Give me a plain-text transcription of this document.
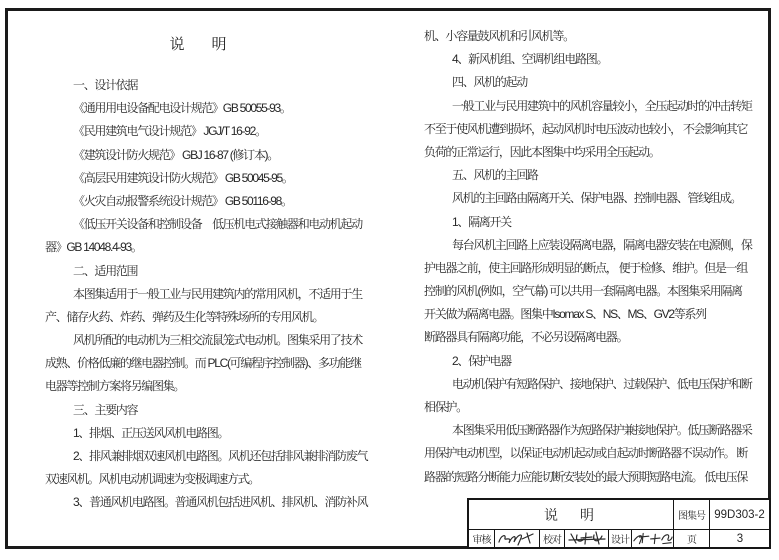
说　明
一、设计依据
《通用用电设备配电设计规范》GB 50055-93。
《民用建筑电气设计规范》 JGJ/T 16-92。
《建筑设计防火规范》 GBJ 16-87 (修订本)。
《高层民用建筑设计防火规范》 GB 50045-95。
《火灾自动报警系统设计规范》 GB 50116-98。
《低压开关设备和控制设备　低压机电式接触器和电动机起动
器》GB 14048.4-93。
二、适用范围
本图集适用于一般工业与民用建筑内的常用风机，不适用于生
产、储存火药、炸药、弹药及生化等特殊场所的专用风机。
风机所配的电动机为三相交流鼠笼式电动机。图集采用了技术
成熟、价格低廉的继电器控制。而 PLC(可编程序控制器)、多功能继
电器等控制方案将另编图集。
三、主要内容
1、排烟、正压送风风机电路图。
2、排风兼排烟双速风机电路图。风机还包括排风兼排消防废气
双速风机。风机电动机调速为变极调速方式。
3、普通风机电路图。普通风机包括进风机、排风机、消防补风
机、小容量鼓风机和引风机等。
4、新风机组、空调机组电路图。
四、风机的起动
一般工业与民用建筑中的风机容量较小，全压起动时的冲击转矩
不至于使风机遭到损坏，起动风机时电压波动也较小， 不会影响其它
负荷的正常运行，因此本图集中均采用全压起动。
五、风机的主回路
风机的主回路由隔离开关、保护电器、控制电器、管线组成。
1、隔离开关
每台风机主回路上应装设隔离电器，隔离电器安装在电源侧，保
护电器之前，使主回路形成明显的断点， 便于检修、维护。但是一组
控制的风机(例如，空气幕) 可以共用一套隔离电器。本图集采用隔离
开关做为隔离电器。图集中Isomax S、NS、MS、GV2等系列
断路器具有隔离功能，不必另设隔离电器。
2、保护电器
电动机保护有短路保护、接地保护、过载保护、低电压保护和断
相保护。
本图集采用低压断路器作为短路保护兼接地保护。低压断路器采
用保护电动机型，以保证电动机起动或自起动时断路器不误动作。 断
路器的短路分断能力应能切断安装处的最大预期短路电流。 低电压保
说　明	图集号 99D303-2
审核	校对	设计	页	3
